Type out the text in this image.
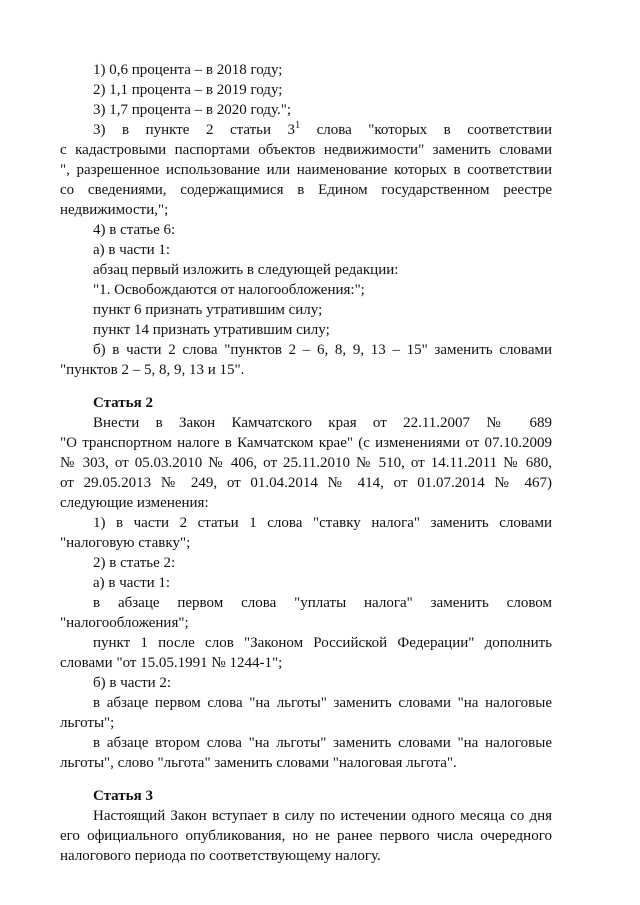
1) 0,6 процента – в 2018 году;
2) 1,1 процента – в 2019 году;
3) 1,7 процента – в 2020 году.";
3) в пункте 2 статьи $3^1$ слова "которых в соответствии
с кадастровыми паспортами объектов недвижимости" заменить словами
", разрешенное использование или наименование которых в соответствии
со сведениями, содержащимися в Едином государственном реестре
недвижимости,";
4) в статье 6:
а) в части 1:
абзац первый изложить в следующей редакции:
"1. Освобождаются от налогообложения:";
пункт 6 признать утратившим силу;
пункт 14 признать утратившим силу;
б) в части 2 слова "пунктов 2 – 6, 8, 9, 13 – 15" заменить словами
"пунктов 2 – 5, 8, 9, 13 и 15".
Статья 2
Внести в Закон Камчатского края от 22.11.2007 № 689
"О транспортном налоге в Камчатском крае" (с изменениями от 07.10.2009
№ 303, от 05.03.2010 № 406, от 25.11.2010 № 510, от 14.11.2011 № 680,
от 29.05.2013 № 249, от 01.04.2014 № 414, от 01.07.2014 № 467)
следующие изменения:
1) в части 2 статьи 1 слова "ставку налога" заменить словами
"налоговую ставку";
2) в статье 2:
а) в части 1:
в абзаце первом слова "уплаты налога" заменить словом
"налогообложения";
пункт 1 после слов "Законом Российской Федерации" дополнить
словами "от 15.05.1991 № 1244-1";
б) в части 2:
в абзаце первом слова "на льготы" заменить словами "на налоговые
льготы";
в абзаце втором слова "на льготы" заменить словами "на налоговые
льготы", слово "льгота" заменить словами "налоговая льгота".
Статья 3
Настоящий Закон вступает в силу по истечении одного месяца со дня
его официального опубликования, но не ранее первого числа очередного
налогового периода по соответствующему налогу.
